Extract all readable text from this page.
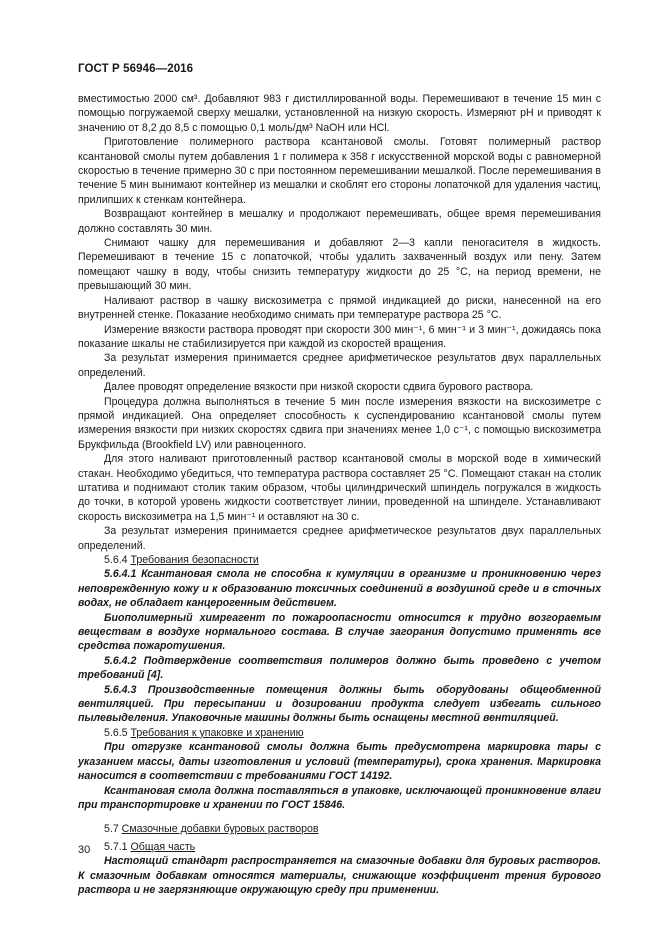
ГОСТ Р 56946—2016

вместимостью 2000 см³. Добавляют 983 г дистиллированной воды. Перемешивают в течение 15 мин с помощью погружаемой сверху мешалки, установленной на низкую скорость. Измеряют pH и приводят к значению от 8,2 до 8,5 с помощью 0,1 моль/дм³ NaOH или HCl.

Приготовление полимерного раствора ксантановой смолы. Готовят полимерный раствор ксантановой смолы путем добавления 1 г полимера к 358 г искусственной морской воды с равномерной скоростью в течение примерно 30 с при постоянном перемешивании мешалкой. После перемешивания в течение 5 мин вынимают контейнер из мешалки и скоблят его стороны лопаточкой для удаления частиц, прилипших к стенкам контейнера.

Возвращают контейнер в мешалку и продолжают перемешивать, общее время перемешивания должно составлять 30 мин.

Снимают чашку для перемешивания и добавляют 2—3 капли пеногасителя в жидкость. Перемешивают в течение 15 с лопаточкой, чтобы удалить захваченный воздух или пену. Затем помещают чашку в воду, чтобы снизить температуру жидкости до 25 °С, на период времени, не превышающий 30 мин.

Наливают раствор в чашку вискозиметра с прямой индикацией до риски, нанесенной на его внутренней стенке. Показание необходимо снимать при температуре раствора 25 °С.

Измерение вязкости раствора проводят при скорости 300 мин⁻¹, 6 мин⁻¹ и 3 мин⁻¹, дожидаясь пока показание шкалы не стабилизируется при каждой из скоростей вращения.

За результат измерения принимается среднее арифметическое результатов двух параллельных определений.

Далее проводят определение вязкости при низкой скорости сдвига бурового раствора.

Процедура должна выполняться в течение 5 мин после измерения вязкости на вискозиметре с прямой индикацией. Она определяет способность к суспендированию ксантановой смолы путем измерения вязкости при низких скоростях сдвига при значениях менее 1,0 с⁻¹, с помощью вискозиметра Брукфильда (Brookfield LV) или равноценного.

Для этого наливают приготовленный раствор ксантановой смолы в морской воде в химический стакан. Необходимо убедиться, что температура раствора составляет 25 °С. Помещают стакан на столик штатива и поднимают столик таким образом, чтобы цилиндрический шпиндель погружался в жидкость до точки, в которой уровень жидкости соответствует линии, проведенной на шпинделе. Устанавливают скорость вискозиметра на 1,5 мин⁻¹ и оставляют на 30 с.

За результат измерения принимается среднее арифметическое результатов двух параллельных определений.

5.6.4 Требования безопасности

5.6.4.1 Ксантановая смола не способна к кумуляции в организме и проникновению через неповрежденную кожу и к образованию токсичных соединений в воздушной среде и в сточных водах, не обладает канцерогенным действием.

Биополимерный химреагент по пожароопасности относится к трудно возгораемым веществам в воздухе нормального состава. В случае загорания допустимо применять все средства пожаротушения.

5.6.4.2 Подтверждение соответствия полимеров должно быть проведено с учетом требований [4].

5.6.4.3 Производственные помещения должны быть оборудованы общеобменной вентиляцией. При пересыпании и дозировании продукта следует избегать сильного пылевыделения. Упаковочные машины должны быть оснащены местной вентиляцией.

5.6.5 Требования к упаковке и хранению

При отгрузке ксантановой смолы должна быть предусмотрена маркировка тары с указанием массы, даты изготовления и условий (температуры), срока хранения. Маркировка наносится в соответствии с требованиями ГОСТ 14192.

Ксантановая смола должна поставляться в упаковке, исключающей проникновение влаги при транспортировке и хранении по ГОСТ 15846.

5.7 Смазочные добавки буровых растворов

5.7.1 Общая часть

Настоящий стандарт распространяется на смазочные добавки для буровых растворов. К смазочным добавкам относятся материалы, снижающие коэффициент трения бурового раствора и не загрязняющие окружающую среду при применении.

30
